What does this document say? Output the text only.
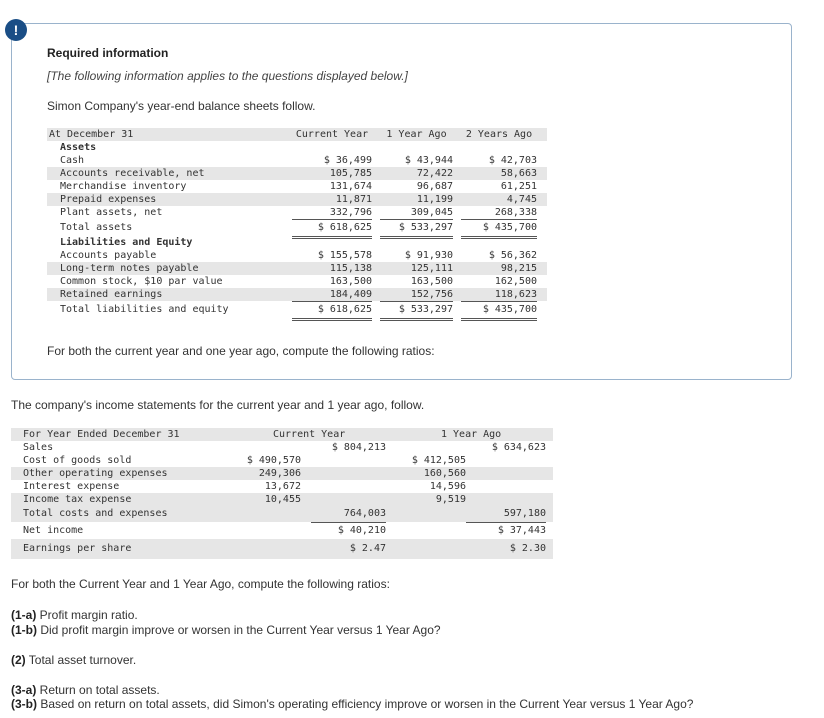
!
Required information
[The following information applies to the questions displayed below.]
Simon Company's year-end balance sheets follow.
At December 31	Current Year	1 Year Ago	2 Years Ago
Assets
Cash	$ 36,499	$ 43,944	$ 42,703
Accounts receivable, net	105,785	72,422	58,663
Merchandise inventory	131,674	96,687	61,251
Prepaid expenses	11,871	11,199	4,745
Plant assets, net	332,796	309,045	268,338
Total assets	$ 618,625	$ 533,297	$ 435,700
Liabilities and Equity
Accounts payable	$ 155,578	$ 91,930	$ 56,362
Long-term notes payable	115,138	125,111	98,215
Common stock, $10 par value	163,500	163,500	162,500
Retained earnings	184,409	152,756	118,623
Total liabilities and equity	$ 618,625	$ 533,297	$ 435,700
For both the current year and one year ago, compute the following ratios:
The company's income statements for the current year and 1 year ago, follow.
For Year Ended December 31	Current Year	1 Year Ago
Sales	$ 804,213	$ 634,623
Cost of goods sold	$ 490,570	$ 412,505
Other operating expenses	249,306	160,560
Interest expense	13,672	14,596
Income tax expense	10,455	9,519
Total costs and expenses	764,003	597,180
Net income	$ 40,210	$ 37,443
Earnings per share	$ 2.47	$ 2.30
For both the Current Year and 1 Year Ago, compute the following ratios:
(1-a) Profit margin ratio.
(1-b) Did profit margin improve or worsen in the Current Year versus 1 Year Ago?
(2) Total asset turnover.
(3-a) Return on total assets.
(3-b) Based on return on total assets, did Simon's operating efficiency improve or worsen in the Current Year versus 1 Year Ago?
